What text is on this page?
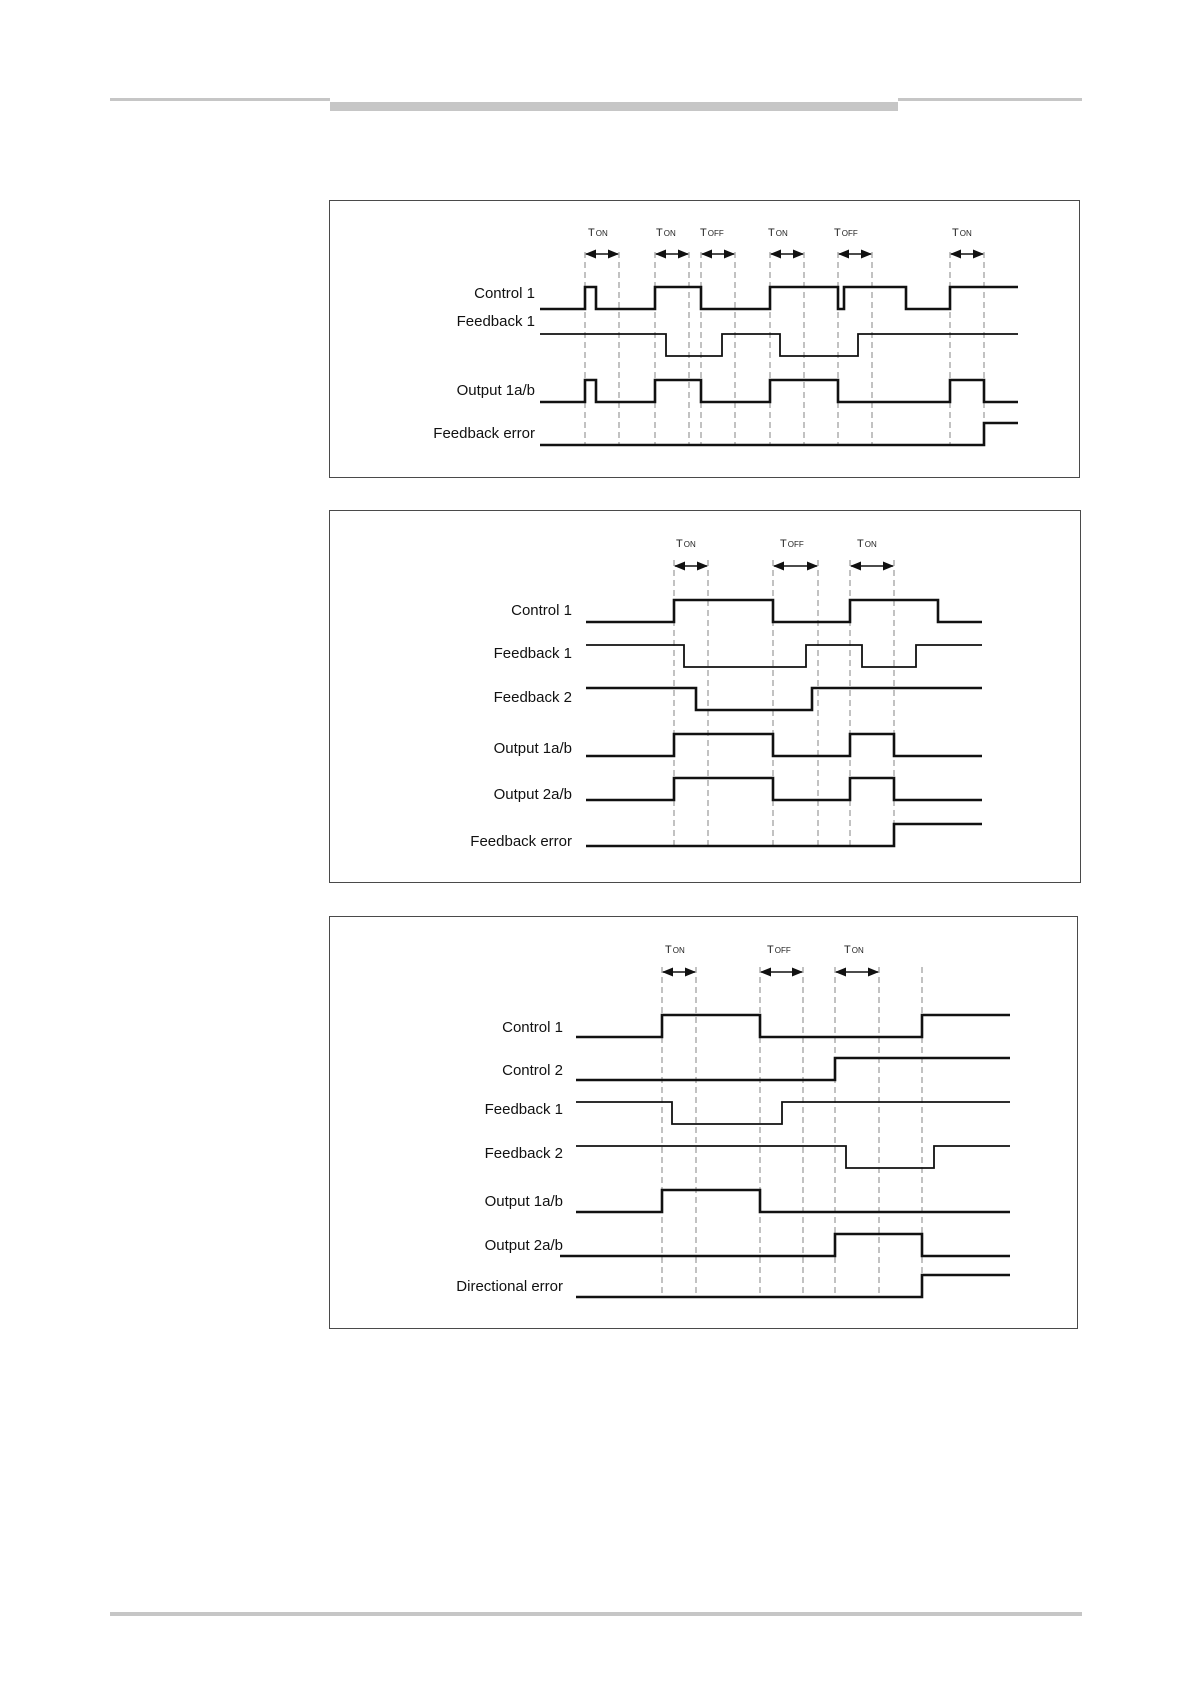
TON	TON TOFF	TON	TOFF	TON
Control 1
Feedback 1
Output 1a/b
Feedback error
TON	TOFF	TON
Control 1
Feedback 1
Feedback 2
Output 1a/b
Output 2a/b
Feedback error
TON	TOFF	TON
Control 1
Control 2
Feedback 1
Feedback 2
Output 1a/b
Output 2a/b
Directional error
